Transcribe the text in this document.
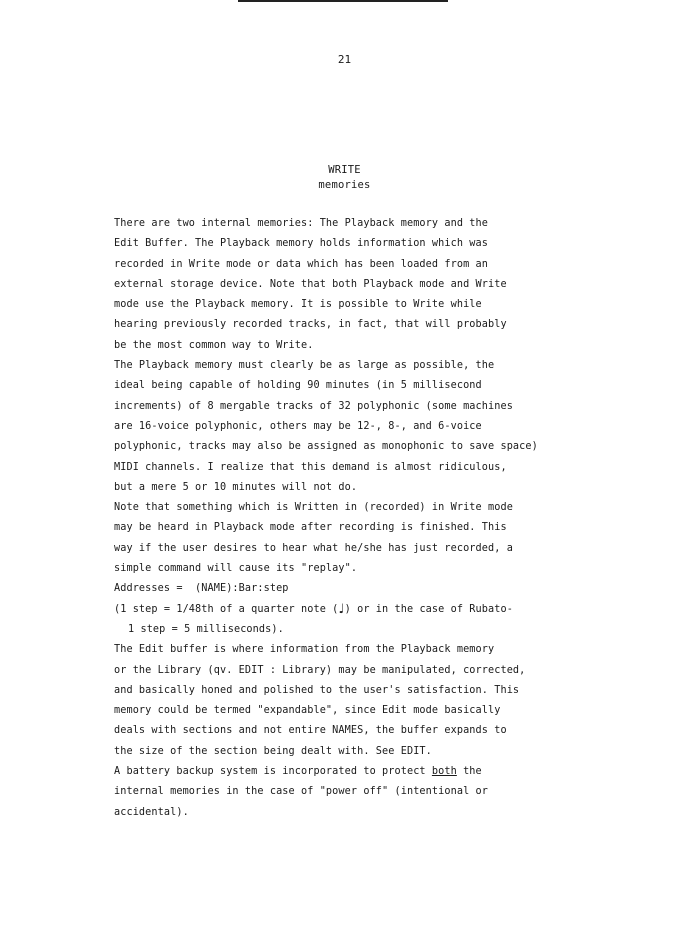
21
WRITE
memories
There are two internal memories: The Playback memory and the
Edit Buffer. The Playback memory holds information which was
recorded in Write mode or data which has been loaded from an
external storage device. Note that both Playback mode and Write
mode use the Playback memory. It is possible to Write while
hearing previously recorded tracks, in fact, that will probably
be the most common way to Write.
The Playback memory must clearly be as large as possible, the
ideal being capable of holding 90 minutes (in 5 millisecond
increments) of 8 mergable tracks of 32 polyphonic (some machines
are 16-voice polyphonic, others may be 12-, 8-, and 6-voice
polyphonic, tracks may also be assigned as monophonic to save space)
MIDI channels. I realize that this demand is almost ridiculous,
but a mere 5 or 10 minutes will not do.
Note that something which is Written in (recorded) in Write mode
may be heard in Playback mode after recording is finished. This
way if the user desires to hear what he/she has just recorded, a
simple command will cause its "replay".
Addresses =  (NAME):Bar:step
(1 step = 1/48th of a quarter note (♩) or in the case of Rubato-
1 step = 5 milliseconds).
The Edit buffer is where information from the Playback memory
or the Library (qv. EDIT : Library) may be manipulated, corrected,
and basically honed and polished to the user's satisfaction. This
memory could be termed "expandable", since Edit mode basically
deals with sections and not entire NAMES, the buffer expands to
the size of the section being dealt with. See EDIT.
A battery backup system is incorporated to protect both the
internal memories in the case of "power off" (intentional or
accidental).
